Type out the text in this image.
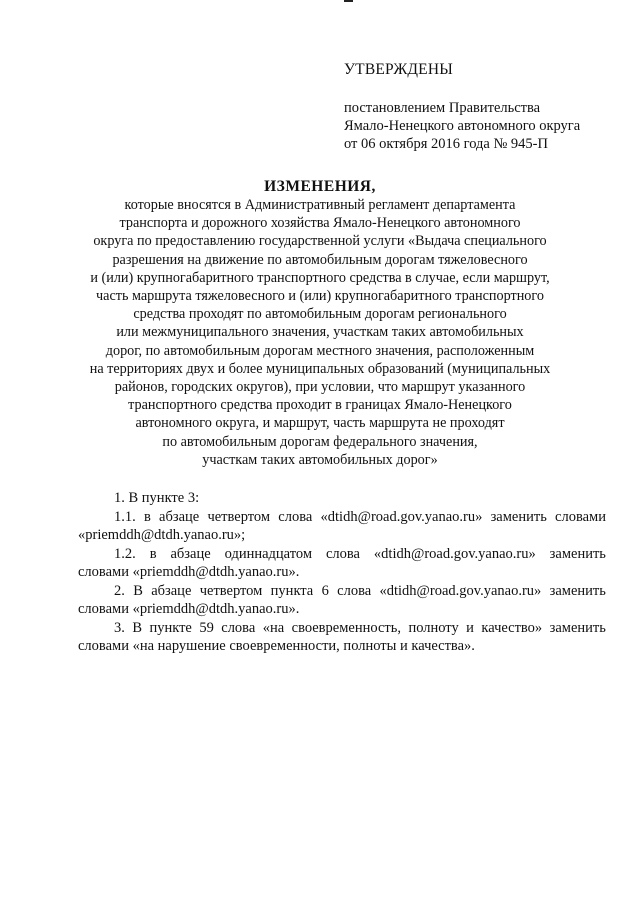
УТВЕРЖДЕНЫ
постановлением Правительства
Ямало-Ненецкого автономного округа
от 06 октября 2016 года № 945-П
ИЗМЕНЕНИЯ,
которые вносятся в Административный регламент департамента
транспорта и дорожного хозяйства Ямало-Ненецкого автономного
округа по предоставлению государственной услуги «Выдача специального
разрешения на движение по автомобильным дорогам тяжеловесного
и (или) крупногабаритного транспортного средства в случае, если маршрут,
часть маршрута тяжеловесного и (или) крупногабаритного транспортного
средства проходят по автомобильным дорогам регионального
или межмуниципального значения, участкам таких автомобильных
дорог, по автомобильным дорогам местного значения, расположенным
на территориях двух и более муниципальных образований (муниципальных
районов, городских округов), при условии, что маршрут указанного
транспортного средства проходит в границах Ямало-Ненецкого
автономного округа, и маршрут, часть маршрута не проходят
по автомобильным дорогам федерального значения,
участкам таких автомобильных дорог»
1. В пункте 3:
1.1. в абзаце четвертом слова «dtidh@road.gov.yanao.ru» заменить словами
«priemddh@dtdh.yanao.ru»;
1.2. в абзаце одиннадцатом слова «dtidh@road.gov.yanao.ru» заменить
словами «priemddh@dtdh.yanao.ru».
2. В абзаце четвертом пункта 6 слова «dtidh@road.gov.yanao.ru» заменить
словами «priemddh@dtdh.yanao.ru».
3. В пункте 59 слова «на своевременность, полноту и качество» заменить
словами «на нарушение своевременности, полноты и качества».
